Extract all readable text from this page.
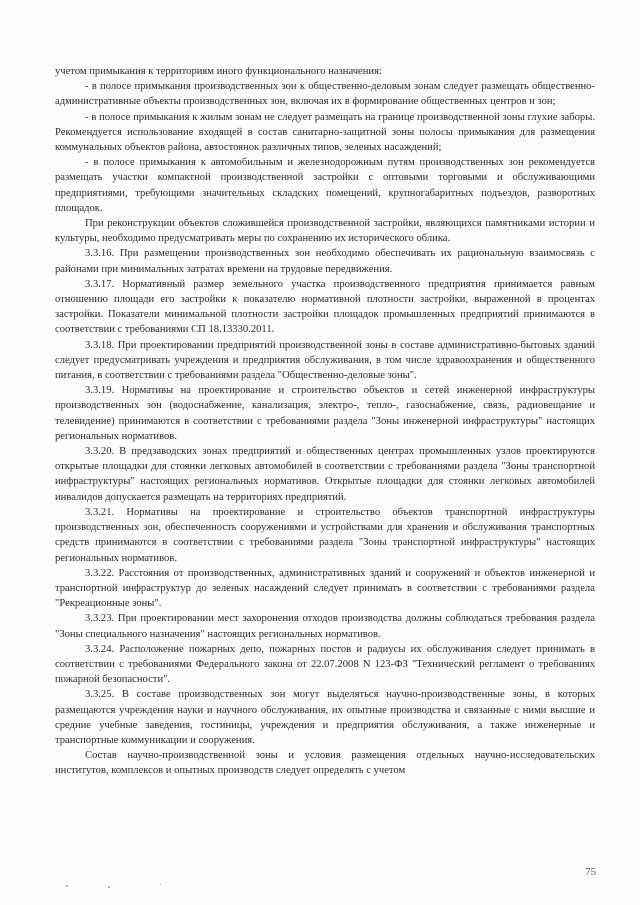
учетом примыкания к территориям иного функционального назначения:

- в полосе примыкания производственных зон к общественно-деловым зонам следует размещать общественно-административные объекты производственных зон, включая их в формирование общественных центров и зон;

- в полосе примыкания к жилым зонам не следует размещать на границе производственной зоны глухие заборы. Рекомендуется использование входящей в состав санитарно-защитной зоны полосы примыкания для размещения коммунальных объектов района, автостоянок различных типов, зеленых насаждений;

- в полосе примыкания к автомобильным и железнодорожным путям производственных зон рекомендуется размещать участки компактной производственной застройки с оптовыми торговыми и обслуживающими предприятиями, требующими значительных складских помещений, крупногабаритных подъездов, разворотных площадок.

При реконструкции объектов сложившейся производственной застройки, являющихся памятниками истории и культуры, необходимо предусматривать меры по сохранению их исторического облика.

3.3.16. При размещении производственных зон необходимо обеспечивать их рациональную взаимосвязь с районами при минимальных затратах времени на трудовые передвижения.

3.3.17. Нормативный размер земельного участка производственного предприятия принимается равным отношению площади его застройки к показателю нормативной плотности застройки, выраженной в процентах застройки. Показатели минимальной плотности застройки площадок промышленных предприятий принимаются в соответствии с требованиями СП 18.13330.2011.

3.3.18. При проектировании предприятий производственной зоны в составе административно-бытовых зданий следует предусматривать учреждения и предприятия обслуживания, в том числе здравоохранения и общественного питания, в соответствии с требованиями раздела "Общественно-деловые зоны".

3.3.19. Нормативы на проектирование и строительство объектов и сетей инженерной инфраструктуры производственных зон (водоснабжение, канализация, электро-, тепло-, газоснабжение, связь, радиовещание и телевидение) принимаются в соответствии с требованиями раздела "Зоны инженерной инфраструктуры" настоящих региональных нормативов.

3.3.20. В предзаводских зонах предприятий и общественных центрах промышленных узлов проектируются открытые площадки для стоянки легковых автомобилей в соответствии с требованиями раздела "Зоны транспортной инфраструктуры" настоящих региональных нормативов. Открытые площадки для стоянки легковых автомобилей инвалидов допускается размещать на территориях предприятий.

3.3.21. Нормативы на проектирование и строительство объектов транспортной инфраструктуры производственных зон, обеспеченность сооружениями и устройствами для хранения и обслуживания транспортных средств принимаются в соответствии с требованиями раздела "Зоны транспортной инфраструктуры" настоящих региональных нормативов.

3.3.22. Расстояния от производственных, административных зданий и сооружений и объектов инженерной и транспортной инфраструктур до зеленых насаждений следует принимать в соответствии с требованиями раздела "Рекреационные зоны".

3.3.23. При проектировании мест захоронения отходов производства должны соблюдаться требования раздела "Зоны специального назначения" настоящих региональных нормативов.

3.3.24. Расположение пожарных депо, пожарных постов и радиусы их обслуживания следует принимать в соответствии с требованиями Федерального закона от 22.07.2008 N 123-ФЗ "Технический регламент о требованиях пожарной безопасности".

3.3.25. В составе производственных зон могут выделяться научно-производственные зоны, в которых размещаются учреждения науки и научного обслуживания, их опытные производства и связанные с ними высшие и средние учебные заведения, гостиницы, учреждения и предприятия обслуживания, а также инженерные и транспортные коммуникации и сооружения.

Состав научно-производственной зоны и условия размещения отдельных научно-исследовательских институтов, комплексов и опытных производств следует определять с учетом

75
